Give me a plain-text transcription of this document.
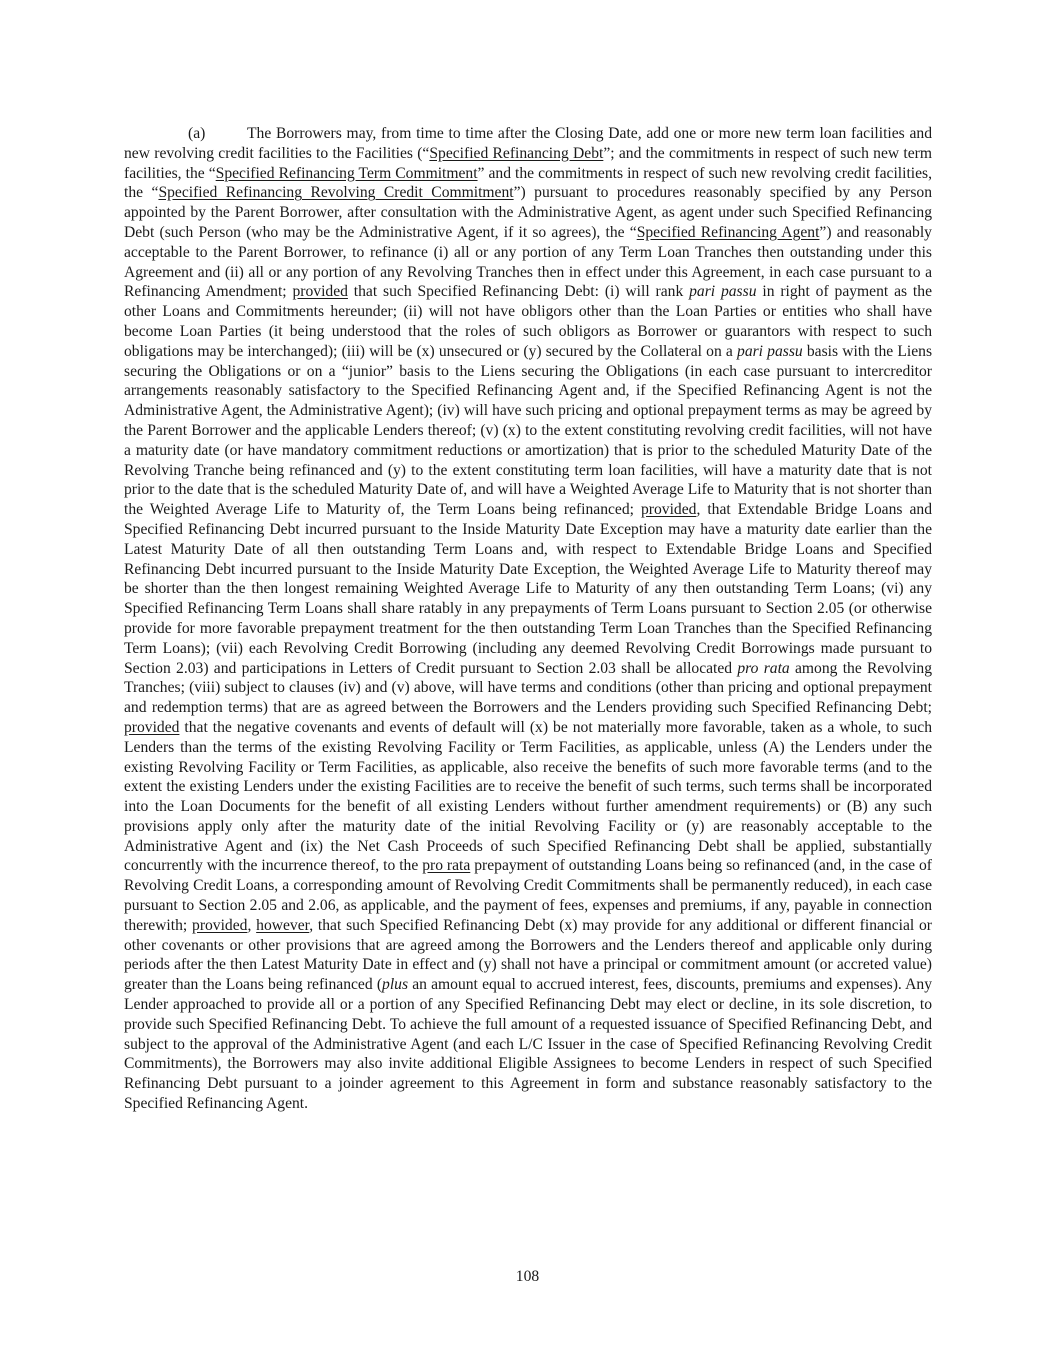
(a)	The Borrowers may, from time to time after the Closing Date, add one or more new term loan facilities and new revolving credit facilities to the Facilities (“Specified Refinancing Debt”; and the commitments in respect of such new term facilities, the “Specified Refinancing Term Commitment” and the commitments in respect of such new revolving credit facilities, the “Specified Refinancing Revolving Credit Commitment”) pursuant to procedures reasonably specified by any Person appointed by the Parent Borrower, after consultation with the Administrative Agent, as agent under such Specified Refinancing Debt (such Person (who may be the Administrative Agent, if it so agrees), the “Specified Refinancing Agent”) and reasonably acceptable to the Parent Borrower, to refinance (i) all or any portion of any Term Loan Tranches then outstanding under this Agreement and (ii) all or any portion of any Revolving Tranches then in effect under this Agreement, in each case pursuant to a Refinancing Amendment; provided that such Specified Refinancing Debt: (i) will rank pari passu in right of payment as the other Loans and Commitments hereunder; (ii) will not have obligors other than the Loan Parties or entities who shall have become Loan Parties (it being understood that the roles of such obligors as Borrower or guarantors with respect to such obligations may be interchanged); (iii) will be (x) unsecured or (y) secured by the Collateral on a pari passu basis with the Liens securing the Obligations or on a “junior” basis to the Liens securing the Obligations (in each case pursuant to intercreditor arrangements reasonably satisfactory to the Specified Refinancing Agent and, if the Specified Refinancing Agent is not the Administrative Agent, the Administrative Agent); (iv) will have such pricing and optional prepayment terms as may be agreed by the Parent Borrower and the applicable Lenders thereof; (v) (x) to the extent constituting revolving credit facilities, will not have a maturity date (or have mandatory commitment reductions or amortization) that is prior to the scheduled Maturity Date of the Revolving Tranche being refinanced and (y) to the extent constituting term loan facilities, will have a maturity date that is not prior to the date that is the scheduled Maturity Date of, and will have a Weighted Average Life to Maturity that is not shorter than the Weighted Average Life to Maturity of, the Term Loans being refinanced; provided, that Extendable Bridge Loans and Specified Refinancing Debt incurred pursuant to the Inside Maturity Date Exception may have a maturity date earlier than the Latest Maturity Date of all then outstanding Term Loans and, with respect to Extendable Bridge Loans and Specified Refinancing Debt incurred pursuant to the Inside Maturity Date Exception, the Weighted Average Life to Maturity thereof may be shorter than the then longest remaining Weighted Average Life to Maturity of any then outstanding Term Loans; (vi) any Specified Refinancing Term Loans shall share ratably in any prepayments of Term Loans pursuant to Section 2.05 (or otherwise provide for more favorable prepayment treatment for the then outstanding Term Loan Tranches than the Specified Refinancing Term Loans); (vii) each Revolving Credit Borrowing (including any deemed Revolving Credit Borrowings made pursuant to Section 2.03) and participations in Letters of Credit pursuant to Section 2.03 shall be allocated pro rata among the Revolving Tranches; (viii) subject to clauses (iv) and (v) above, will have terms and conditions (other than pricing and optional prepayment and redemption terms) that are as agreed between the Borrowers and the Lenders providing such Specified Refinancing Debt; provided that the negative covenants and events of default will (x) be not materially more favorable, taken as a whole, to such Lenders than the terms of the existing Revolving Facility or Term Facilities, as applicable, unless (A) the Lenders under the existing Revolving Facility or Term Facilities, as applicable, also receive the benefits of such more favorable terms (and to the extent the existing Lenders under the existing Facilities are to receive the benefit of such terms, such terms shall be incorporated into the Loan Documents for the benefit of all existing Lenders without further amendment requirements) or (B) any such provisions apply only after the maturity date of the initial Revolving Facility or (y) are reasonably acceptable to the Administrative Agent and (ix) the Net Cash Proceeds of such Specified Refinancing Debt shall be applied, substantially concurrently with the incurrence thereof, to the pro rata prepayment of outstanding Loans being so refinanced (and, in the case of Revolving Credit Loans, a corresponding amount of Revolving Credit Commitments shall be permanently reduced), in each case pursuant to Section 2.05 and 2.06, as applicable, and the payment of fees, expenses and premiums, if any, payable in connection therewith; provided, however, that such Specified Refinancing Debt (x) may provide for any additional or different financial or other covenants or other provisions that are agreed among the Borrowers and the Lenders thereof and applicable only during periods after the then Latest Maturity Date in effect and (y) shall not have a principal or commitment amount (or accreted value) greater than the Loans being refinanced (plus an amount equal to accrued interest, fees, discounts, premiums and expenses). Any Lender approached to provide all or a portion of any Specified Refinancing Debt may elect or decline, in its sole discretion, to provide such Specified Refinancing Debt. To achieve the full amount of a requested issuance of Specified Refinancing Debt, and subject to the approval of the Administrative Agent (and each L/C Issuer in the case of Specified Refinancing Revolving Credit Commitments), the Borrowers may also invite additional Eligible Assignees to become Lenders in respect of such Specified Refinancing Debt pursuant to a joinder agreement to this Agreement in form and substance reasonably satisfactory to the Specified Refinancing Agent.

108
